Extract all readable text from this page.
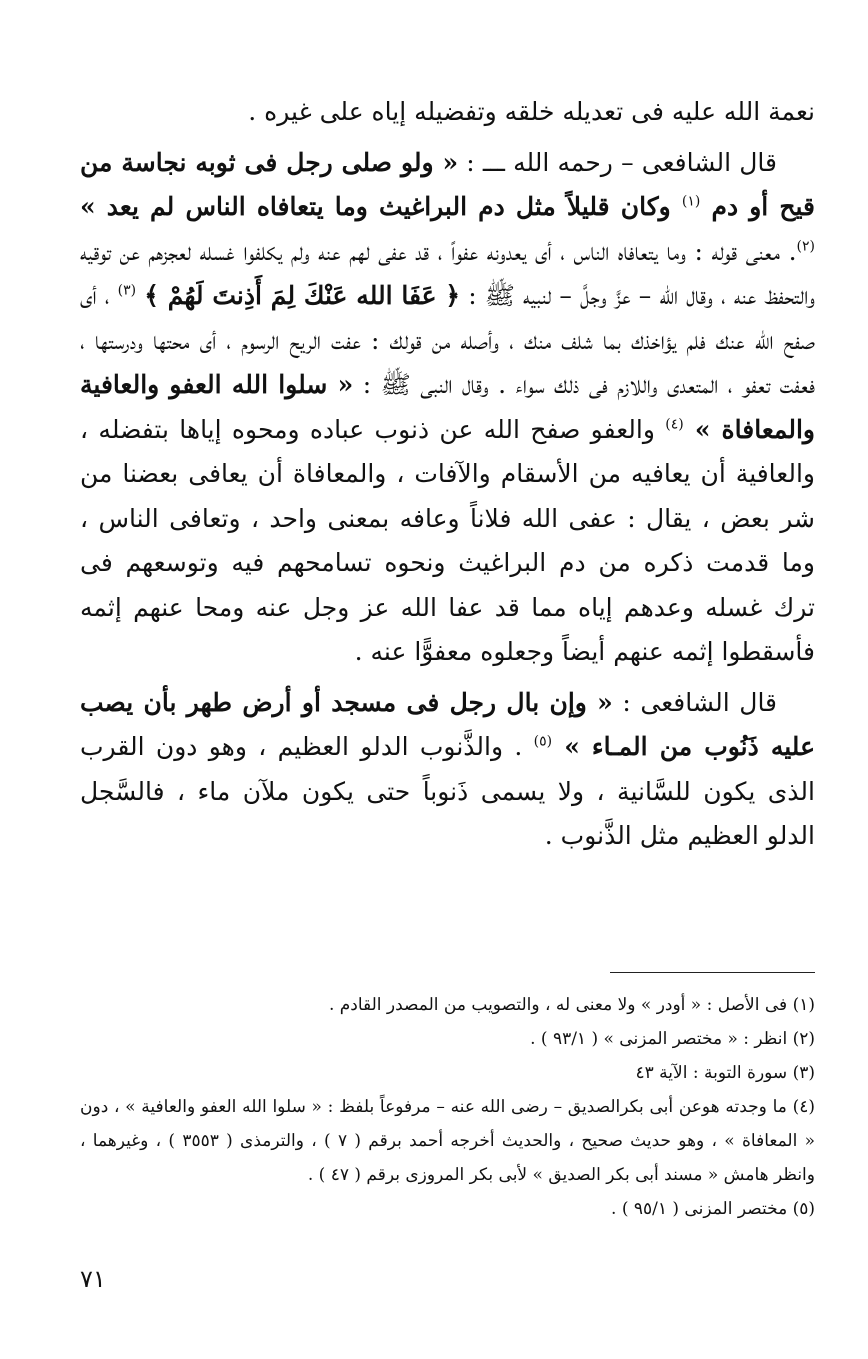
نعمة الله عليه فى تعديله خلقه وتفضيله إياه على غيره .

قال الشافعى – رحمه الله ـــ : « ولو صلى رجل فى ثوبه نجاسة من قيح أو دم $^{(١)}$ وكان قليلاً مثل دم البراغيث وما يتعافاه الناس لم يعد » $^{(٢)}$. معنى قوله : وما يتعافاه الناس ، أى يعدونه عفواً ، قد عفى لهم عنه ولم يكلفوا غسله لعجزهم عن توقيه والتحفظ عنه ، وقال الله – عزَّ وجلَّ – لنبيه ﷺ : ﴿ عَفَا الله عَنْكَ لِمَ أَذِنتَ لَهُمْ ﴾ $^{(٣)}$ ، أى صفح الله عنك فلم يؤاخذك بما شلف منك ، وأصله من قولك : عفت الريح الرسوم ، أى محتها ودرستها ، فعفت تعفو ، المتعدى واللازم فى ذلك سواء . وقال النبى ﷺ : « سلوا الله العفو والعافية والمعافاة » $^{(٤)}$ والعفو صفح الله عن ذنوب عباده ومحوه إياها بتفضله ، والعافية أن يعافيه من الأسقام والآفات ، والمعافاة أن يعافى بعضنا من شر بعض ، يقال : عفى الله فلاناً وعافه بمعنى واحد ، وتعافى الناس ، وما قدمت ذكره من دم البراغيث ونحوه تسامحهم فيه وتوسعهم فى ترك غسله وعدهم إياه مما قد عفا الله عز وجل عنه ومحا عنهم إثمه فأسقطوا إثمه عنهم أيضاً وجعلوه معفوًّا عنه .

قال الشافعى : « وإن بال رجل فى مسجد أو أرض طهر بأن يصب عليه ذَنُوب من المـاء » $^{(٥)}$ . والذَّنوب الدلو العظيم ، وهو دون القرب الذى يكون للسَّانية ، ولا يسمى ذَنوباً حتى يكون ملآن ماء ، فالسَّجل الدلو العظيم مثل الذَّنوب .

(١) فى الأصل : « أودر » ولا معنى له ، والتصويب من المصدر القادم .

(٢) انظر : « مختصر المزنى » ( ٩٣/١ ) .

(٣) سورة التوبة : الآية ٤٣

(٤) ما وجدته هوعن أبى بكرالصديق – رضى الله عنه – مرفوعاً بلفظ : « سلوا الله العفو والعافية » ، دون « المعافاة » ، وهو حديث صحيح ، والحديث أخرجه أحمد برقم ( ٧ ) ، والترمذى ( ٣٥٥٣ ) ، وغيرهما ، وانظر هامش « مسند أبى بكر الصديق » لأبى بكر المروزى برقم ( ٤٧ ) .

(٥) مختصر المزنى ( ٩٥/١ ) .

٧١
